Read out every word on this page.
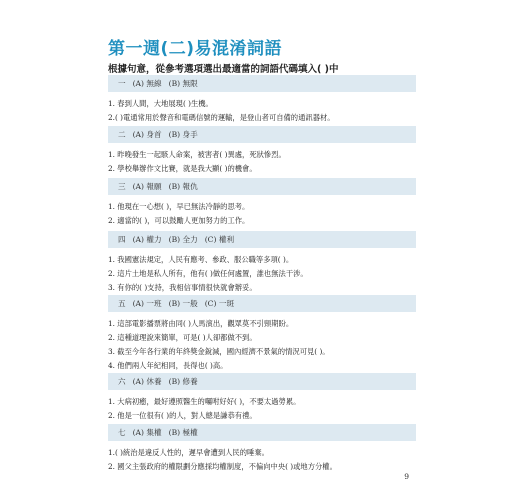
第一週(二)易混淆詞語
根據句意，從參考選項選出最適當的詞語代碼填入( )中
一 (A) 無線 (B) 無限
1. 春到人間，大地展現( )生機。
2.( )電通常用於聲音和電碼信號的運輸，是登山者可自備的通訊器材。
二 (A) 身首 (B) 身手
1. 昨晚發生一起駭人命案，被害者( )異處，死狀慘烈。
2. 學校舉辦作文比賽，就是我大顯( )的機會。
三 (A) 報願 (B) 報仇
1. 他現在一心想( )，早已無法冷靜的思考。
2. 適當的( )，可以鼓勵人更加努力的工作。
四 (A) 權力 (B) 全力 (C) 權利
1. 我國憲法規定，人民有應考、參政、服公職等多項( )。
2. 這片土地是私人所有，他有( )做任何處置，誰也無法干涉。
3. 有你的( )支持，我相信事情很快就會辦妥。
五 (A) 一班 (B) 一般 (C) 一斑
1. 這部電影播票將由同( )人馬演出，觀眾莫不引頸期盼。
2. 這種道理說來簡單，可是( )人卻都做不到。
3. 截至今年各行業的年終獎金銳減，國內經濟不景氣的情況可見( )。
4. 他們兩人年紀相同，長得也( )高。
六 (A) 休養 (B) 修養
1. 大病初癒，最好遵照醫生的囑咐好好( )，不要太過勞累。
2. 他是一位很有( )的人，對人總是謙恭有禮。
七 (A) 集權 (B) 極權
1.( )統治是違反人性的，遲早會遭到人民的唾棄。
2. 國父主張政府的權限劃分應採均權制度，不偏向中央( )或地方分權。
9
